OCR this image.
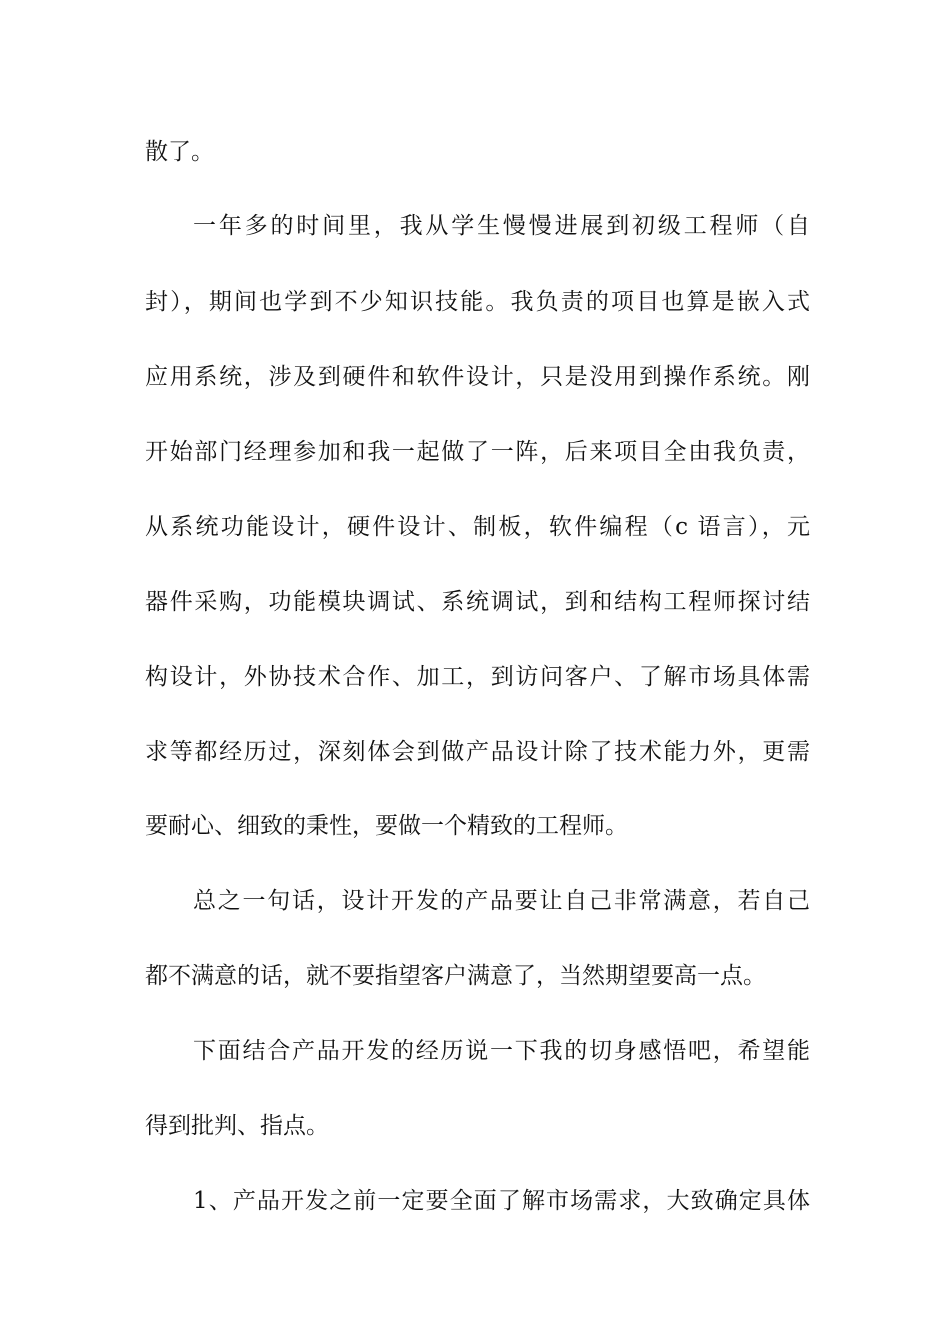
散了。
一年多的时间里，我从学生慢慢进展到初级工程师（自
封），期间也学到不少知识技能。我负责的项目也算是嵌入式
应用系统，涉及到硬件和软件设计，只是没用到操作系统。刚
开始部门经理参加和我一起做了一阵，后来项目全由我负责，
从系统功能设计，硬件设计、制板，软件编程（c 语言），元
器件采购，功能模块调试、系统调试，到和结构工程师探讨结
构设计，外协技术合作、加工，到访问客户、了解市场具体需
求等都经历过，深刻体会到做产品设计除了技术能力外，更需
要耐心、细致的秉性，要做一个精致的工程师。
总之一句话，设计开发的产品要让自己非常满意，若自己
都不满意的话，就不要指望客户满意了，当然期望要高一点。
下面结合产品开发的经历说一下我的切身感悟吧，希望能
得到批判、指点。
1、产品开发之前一定要全面了解市场需求，大致确定具体
